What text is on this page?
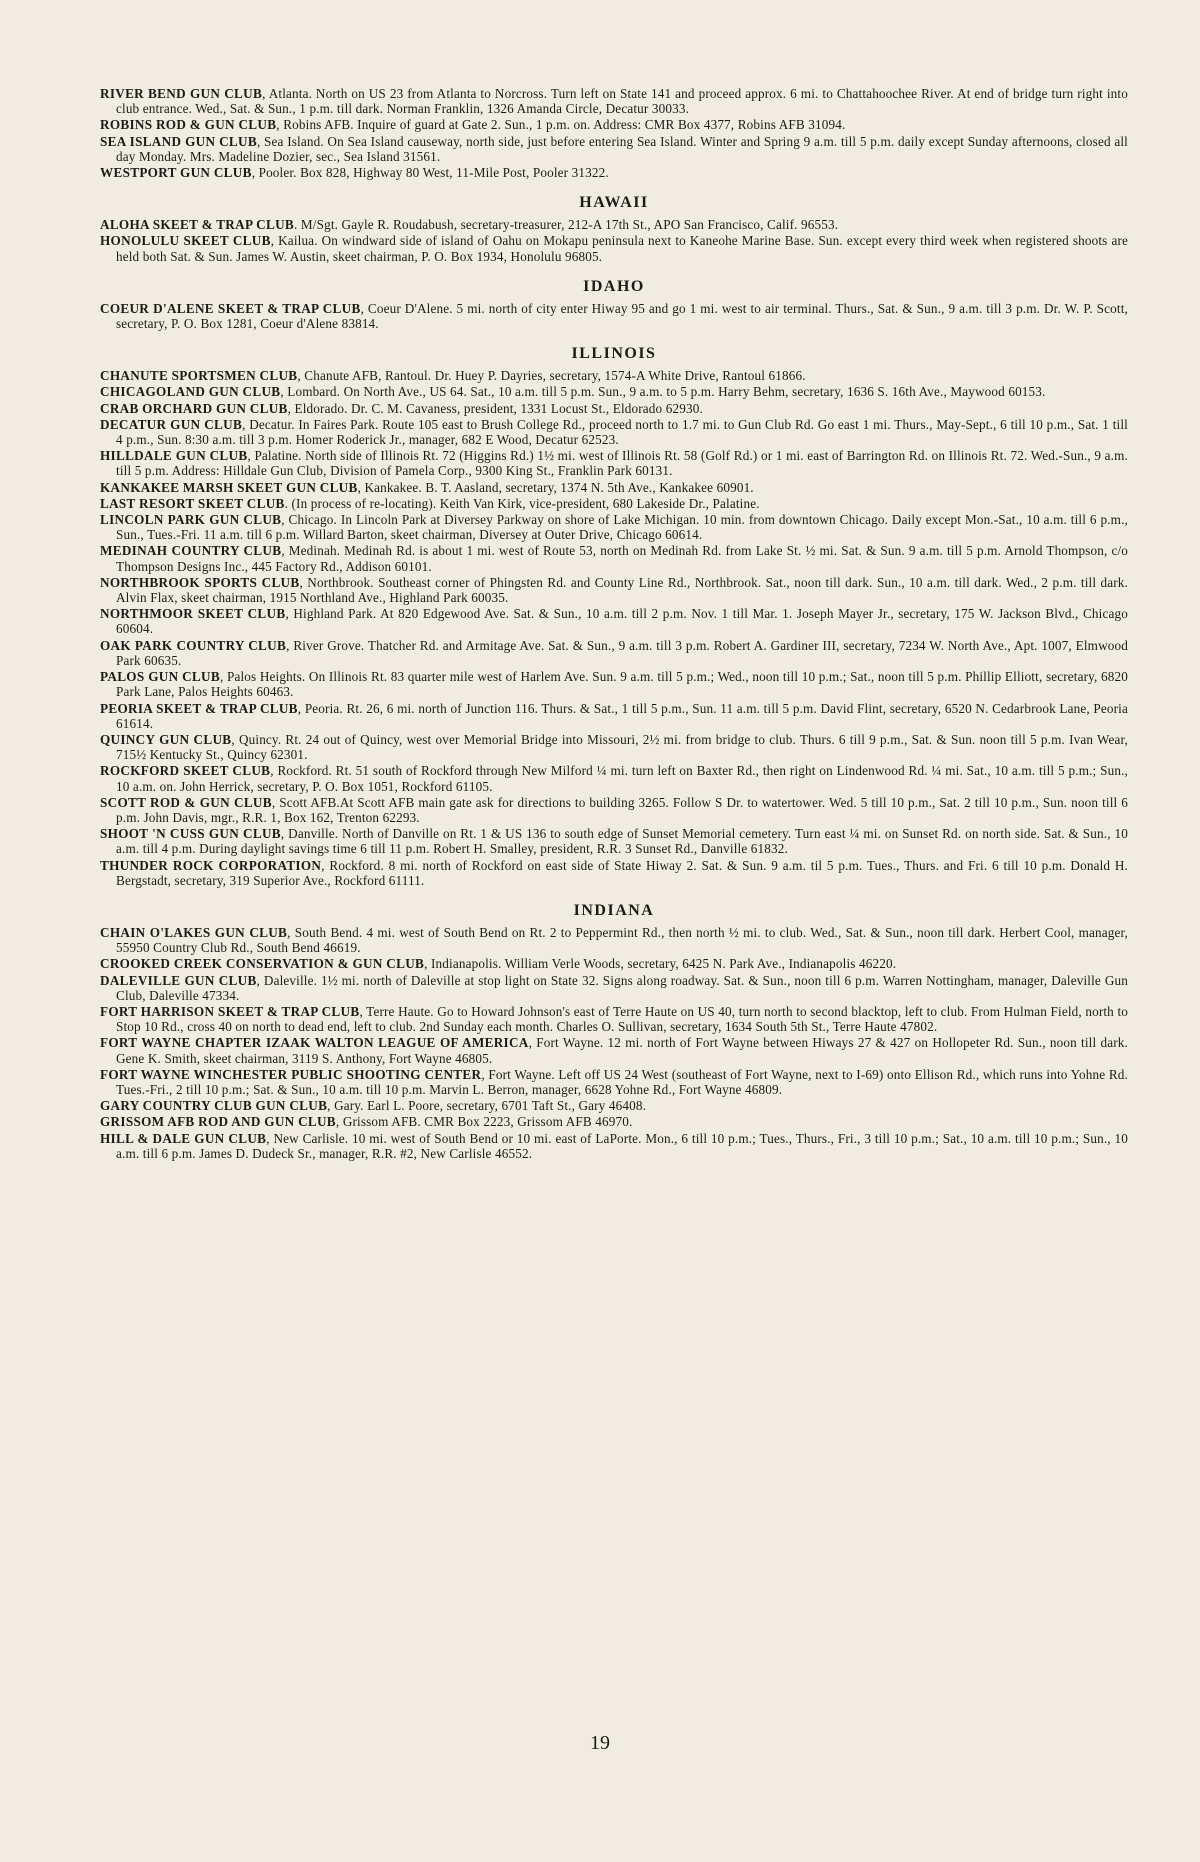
RIVER BEND GUN CLUB, Atlanta. North on US 23 from Atlanta to Norcross. Turn left on State 141 and proceed approx. 6 mi. to Chattahoochee River. At end of bridge turn right into club entrance. Wed., Sat. & Sun., 1 p.m. till dark. Norman Franklin, 1326 Amanda Circle, Decatur 30033.

ROBINS ROD & GUN CLUB, Robins AFB. Inquire of guard at Gate 2. Sun., 1 p.m. on. Address: CMR Box 4377, Robins AFB 31094.

SEA ISLAND GUN CLUB, Sea Island. On Sea Island causeway, north side, just before entering Sea Island. Winter and Spring 9 a.m. till 5 p.m. daily except Sunday afternoons, closed all day Monday. Mrs. Madeline Dozier, sec., Sea Island 31561.

WESTPORT GUN CLUB, Pooler. Box 828, Highway 80 West, 11-Mile Post, Pooler 31322.

HAWAII

ALOHA SKEET & TRAP CLUB. M/Sgt. Gayle R. Roudabush, secretary-treasurer, 212-A 17th St., APO San Francisco, Calif. 96553.

HONOLULU SKEET CLUB, Kailua. On windward side of island of Oahu on Mokapu peninsula next to Kaneohe Marine Base. Sun. except every third week when registered shoots are held both Sat. & Sun. James W. Austin, skeet chairman, P. O. Box 1934, Honolulu 96805.

IDAHO

COEUR D'ALENE SKEET & TRAP CLUB, Coeur D'Alene. 5 mi. north of city enter Hiway 95 and go 1 mi. west to air terminal. Thurs., Sat. & Sun., 9 a.m. till 3 p.m. Dr. W. P. Scott, secretary, P. O. Box 1281, Coeur d'Alene 83814.

ILLINOIS

CHANUTE SPORTSMEN CLUB, Chanute AFB, Rantoul. Dr. Huey P. Dayries, secretary, 1574-A White Drive, Rantoul 61866.

CHICAGOLAND GUN CLUB, Lombard. On North Ave., US 64. Sat., 10 a.m. till 5 p.m. Sun., 9 a.m. to 5 p.m. Harry Behm, secretary, 1636 S. 16th Ave., Maywood 60153.

CRAB ORCHARD GUN CLUB, Eldorado. Dr. C. M. Cavaness, president, 1331 Locust St., Eldorado 62930.

DECATUR GUN CLUB, Decatur. In Faires Park. Route 105 east to Brush College Rd., proceed north to 1.7 mi. to Gun Club Rd. Go east 1 mi. Thurs., May-Sept., 6 till 10 p.m., Sat. 1 till 4 p.m., Sun. 8:30 a.m. till 3 p.m. Homer Roderick Jr., manager, 682 E Wood, Decatur 62523.

HILLDALE GUN CLUB, Palatine. North side of Illinois Rt. 72 (Higgins Rd.) 1½ mi. west of Illinois Rt. 58 (Golf Rd.) or 1 mi. east of Barrington Rd. on Illinois Rt. 72. Wed.-Sun., 9 a.m. till 5 p.m. Address: Hilldale Gun Club, Division of Pamela Corp., 9300 King St., Franklin Park 60131.

KANKAKEE MARSH SKEET GUN CLUB, Kankakee. B. T. Aasland, secretary, 1374 N. 5th Ave., Kankakee 60901.

LAST RESORT SKEET CLUB. (In process of re-locating). Keith Van Kirk, vice-president, 680 Lakeside Dr., Palatine.

LINCOLN PARK GUN CLUB, Chicago. In Lincoln Park at Diversey Parkway on shore of Lake Michigan. 10 min. from downtown Chicago. Daily except Mon.-Sat., 10 a.m. till 6 p.m., Sun., Tues.-Fri. 11 a.m. till 6 p.m. Willard Barton, skeet chairman, Diversey at Outer Drive, Chicago 60614.

MEDINAH COUNTRY CLUB, Medinah. Medinah Rd. is about 1 mi. west of Route 53, north on Medinah Rd. from Lake St. ½ mi. Sat. & Sun. 9 a.m. till 5 p.m. Arnold Thompson, c/o Thompson Designs Inc., 445 Factory Rd., Addison 60101.

NORTHBROOK SPORTS CLUB, Northbrook. Southeast corner of Phingsten Rd. and County Line Rd., Northbrook. Sat., noon till dark. Sun., 10 a.m. till dark. Wed., 2 p.m. till dark. Alvin Flax, skeet chairman, 1915 Northland Ave., Highland Park 60035.

NORTHMOOR SKEET CLUB, Highland Park. At 820 Edgewood Ave. Sat. & Sun., 10 a.m. till 2 p.m. Nov. 1 till Mar. 1. Joseph Mayer Jr., secretary, 175 W. Jackson Blvd., Chicago 60604.

OAK PARK COUNTRY CLUB, River Grove. Thatcher Rd. and Armitage Ave. Sat. & Sun., 9 a.m. till 3 p.m. Robert A. Gardiner III, secretary, 7234 W. North Ave., Apt. 1007, Elmwood Park 60635.

PALOS GUN CLUB, Palos Heights. On Illinois Rt. 83 quarter mile west of Harlem Ave. Sun. 9 a.m. till 5 p.m.; Wed., noon till 10 p.m.; Sat., noon till 5 p.m. Phillip Elliott, secretary, 6820 Park Lane, Palos Heights 60463.

PEORIA SKEET & TRAP CLUB, Peoria. Rt. 26, 6 mi. north of Junction 116. Thurs. & Sat., 1 till 5 p.m., Sun. 11 a.m. till 5 p.m. David Flint, secretary, 6520 N. Cedarbrook Lane, Peoria 61614.

QUINCY GUN CLUB, Quincy. Rt. 24 out of Quincy, west over Memorial Bridge into Missouri, 2½ mi. from bridge to club. Thurs. 6 till 9 p.m., Sat. & Sun. noon till 5 p.m. Ivan Wear, 715½ Kentucky St., Quincy 62301.

ROCKFORD SKEET CLUB, Rockford. Rt. 51 south of Rockford through New Milford ¼ mi. turn left on Baxter Rd., then right on Lindenwood Rd. ¼ mi. Sat., 10 a.m. till 5 p.m.; Sun., 10 a.m. on. John Herrick, secretary, P. O. Box 1051, Rockford 61105.

SCOTT ROD & GUN CLUB, Scott AFB.At Scott AFB main gate ask for directions to building 3265. Follow S Dr. to watertower. Wed. 5 till 10 p.m., Sat. 2 till 10 p.m., Sun. noon till 6 p.m. John Davis, mgr., R.R. 1, Box 162, Trenton 62293.

SHOOT 'N CUSS GUN CLUB, Danville. North of Danville on Rt. 1 & US 136 to south edge of Sunset Memorial cemetery. Turn east ¼ mi. on Sunset Rd. on north side. Sat. & Sun., 10 a.m. till 4 p.m. During daylight savings time 6 till 11 p.m. Robert H. Smalley, president, R.R. 3 Sunset Rd., Danville 61832.

THUNDER ROCK CORPORATION, Rockford. 8 mi. north of Rockford on east side of State Hiway 2. Sat. & Sun. 9 a.m. til 5 p.m. Tues., Thurs. and Fri. 6 till 10 p.m. Donald H. Bergstadt, secretary, 319 Superior Ave., Rockford 61111.

INDIANA

CHAIN O'LAKES GUN CLUB, South Bend. 4 mi. west of South Bend on Rt. 2 to Peppermint Rd., then north ½ mi. to club. Wed., Sat. & Sun., noon till dark. Herbert Cool, manager, 55950 Country Club Rd., South Bend 46619.

CROOKED CREEK CONSERVATION & GUN CLUB, Indianapolis. William Verle Woods, secretary, 6425 N. Park Ave., Indianapolis 46220.

DALEVILLE GUN CLUB, Daleville. 1½ mi. north of Daleville at stop light on State 32. Signs along roadway. Sat. & Sun., noon till 6 p.m. Warren Nottingham, manager, Daleville Gun Club, Daleville 47334.

FORT HARRISON SKEET & TRAP CLUB, Terre Haute. Go to Howard Johnson's east of Terre Haute on US 40, turn north to second blacktop, left to club. From Hulman Field, north to Stop 10 Rd., cross 40 on north to dead end, left to club. 2nd Sunday each month. Charles O. Sullivan, secretary, 1634 South 5th St., Terre Haute 47802.

FORT WAYNE CHAPTER IZAAK WALTON LEAGUE OF AMERICA, Fort Wayne. 12 mi. north of Fort Wayne between Hiways 27 & 427 on Hollopeter Rd. Sun., noon till dark. Gene K. Smith, skeet chairman, 3119 S. Anthony, Fort Wayne 46805.

FORT WAYNE WINCHESTER PUBLIC SHOOTING CENTER, Fort Wayne. Left off US 24 West (southeast of Fort Wayne, next to I-69) onto Ellison Rd., which runs into Yohne Rd. Tues.-Fri., 2 till 10 p.m.; Sat. & Sun., 10 a.m. till 10 p.m. Marvin L. Berron, manager, 6628 Yohne Rd., Fort Wayne 46809.

GARY COUNTRY CLUB GUN CLUB, Gary. Earl L. Poore, secretary, 6701 Taft St., Gary 46408.

GRISSOM AFB ROD AND GUN CLUB, Grissom AFB. CMR Box 2223, Grissom AFB 46970.

HILL & DALE GUN CLUB, New Carlisle. 10 mi. west of South Bend or 10 mi. east of LaPorte. Mon., 6 till 10 p.m.; Tues., Thurs., Fri., 3 till 10 p.m.; Sat., 10 a.m. till 10 p.m.; Sun., 10 a.m. till 6 p.m. James D. Dudeck Sr., manager, R.R. #2, New Carlisle 46552.

19
